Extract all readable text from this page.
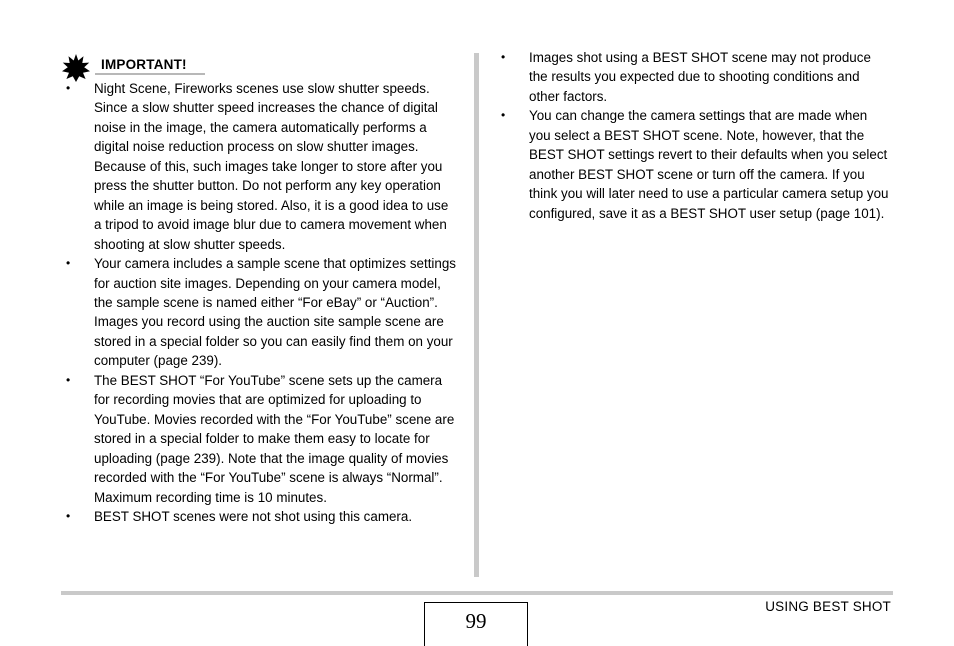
IMPORTANT!
• Night Scene, Fireworks scenes use slow shutter speeds. Since a slow shutter speed increases the chance of digital noise in the image, the camera automatically performs a digital noise reduction process on slow shutter images. Because of this, such images take longer to store after you press the shutter button. Do not perform any key operation while an image is being stored. Also, it is a good idea to use a tripod to avoid image blur due to camera movement when shooting at slow shutter speeds.
• Your camera includes a sample scene that optimizes settings for auction site images. Depending on your camera model, the sample scene is named either “For eBay” or “Auction”. Images you record using the auction site sample scene are stored in a special folder so you can easily find them on your computer (page 239).
• The BEST SHOT “For YouTube” scene sets up the camera for recording movies that are optimized for uploading to YouTube. Movies recorded with the “For YouTube” scene are stored in a special folder to make them easy to locate for uploading (page 239). Note that the image quality of movies recorded with the “For YouTube” scene is always “Normal”. Maximum recording time is 10 minutes.
• BEST SHOT scenes were not shot using this camera.
• Images shot using a BEST SHOT scene may not produce the results you expected due to shooting conditions and other factors.
• You can change the camera settings that are made when you select a BEST SHOT scene. Note, however, that the BEST SHOT settings revert to their defaults when you select another BEST SHOT scene or turn off the camera. If you think you will later need to use a particular camera setup you configured, save it as a BEST SHOT user setup (page 101).
99
USING BEST SHOT
